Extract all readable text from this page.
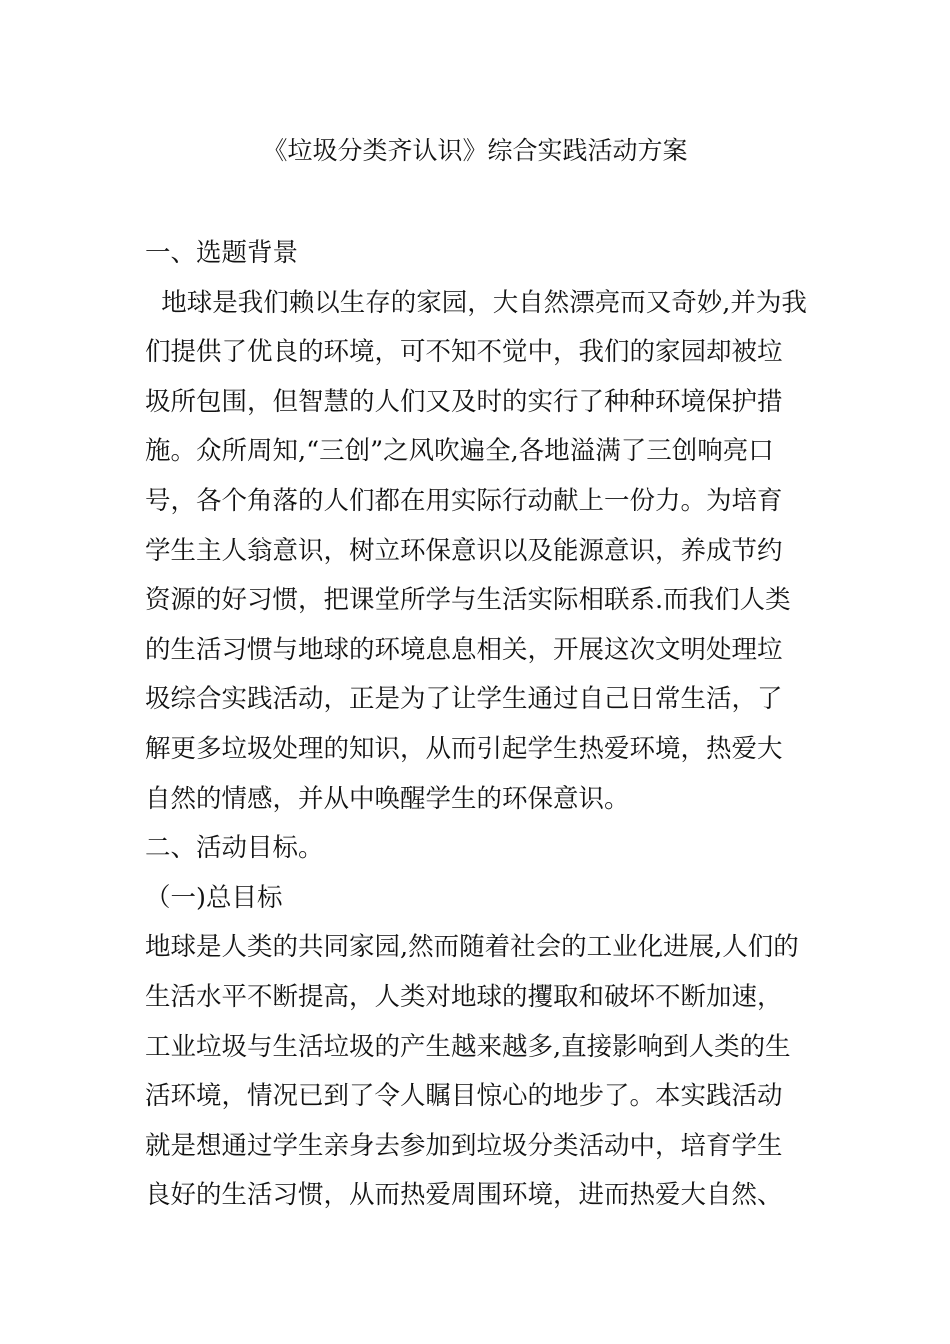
《垃圾分类齐认识》综合实践活动方案
一、选题背景
地球是我们赖以生存的家园，大自然漂亮而又奇妙,并为我
们提供了优良的环境，可不知不觉中，我们的家园却被垃
圾所包围，但智慧的人们又及时的实行了种种环境保护措
施。众所周知,“三创”之风吹遍全,各地溢满了三创响亮口
号，各个角落的人们都在用实际行动献上一份力。为培育
学生主人翁意识，树立环保意识以及能源意识，养成节约
资源的好习惯，把课堂所学与生活实际相联系.而我们人类
的生活习惯与地球的环境息息相关，开展这次文明处理垃
圾综合实践活动，正是为了让学生通过自己日常生活，了
解更多垃圾处理的知识，从而引起学生热爱环境，热爱大
自然的情感，并从中唤醒学生的环保意识。
二、活动目标。
（一)总目标
地球是人类的共同家园,然而随着社会的工业化进展,人们的
生活水平不断提高，人类对地球的攫取和破坏不断加速，
工业垃圾与生活垃圾的产生越来越多,直接影响到人类的生
活环境，情况已到了令人瞩目惊心的地步了。本实践活动
就是想通过学生亲身去参加到垃圾分类活动中，培育学生
良好的生活习惯，从而热爱周围环境，进而热爱大自然、
